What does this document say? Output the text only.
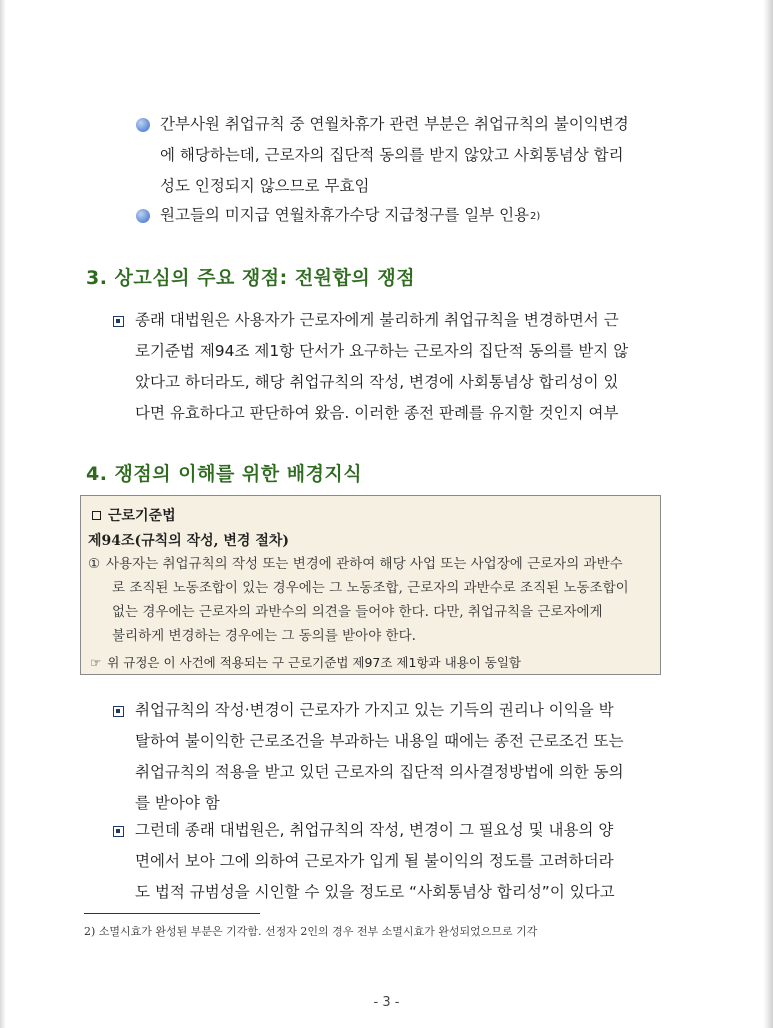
간부사원 취업규칙 중 연월차휴가 관련 부분은 취업규칙의 불이익변경
에 해당하는데, 근로자의 집단적 동의를 받지 않았고 사회통념상 합리
성도 인정되지 않으므로 무효임
원고들의 미지급 연월차휴가수당 지급청구를 일부 인용2)
3. 상고심의 주요 쟁점: 전원합의 쟁점
종래 대법원은 사용자가 근로자에게 불리하게 취업규칙을 변경하면서 근
로기준법 제94조 제1항 단서가 요구하는 근로자의 집단적 동의를 받지 않
았다고 하더라도, 해당 취업규칙의 작성, 변경에 사회통념상 합리성이 있
다면 유효하다고 판단하여 왔음. 이러한 종전 판례를 유지할 것인지 여부
4. 쟁점의 이해를 위한 배경지식
근로기준법
제94조(규칙의 작성, 변경 절차)
① 사용자는 취업규칙의 작성 또는 변경에 관하여 해당 사업 또는 사업장에 근로자의 과반수
로 조직된 노동조합이 있는 경우에는 그 노동조합, 근로자의 과반수로 조직된 노동조합이
없는 경우에는 근로자의 과반수의 의견을 들어야 한다. 다만, 취업규칙을 근로자에게
불리하게 변경하는 경우에는 그 동의를 받아야 한다.
☞ 위 규정은 이 사건에 적용되는 구 근로기준법 제97조 제1항과 내용이 동일함
취업규칙의 작성·변경이 근로자가 가지고 있는 기득의 권리나 이익을 박
탈하여 불이익한 근로조건을 부과하는 내용일 때에는 종전 근로조건 또는
취업규칙의 적용을 받고 있던 근로자의 집단적 의사결정방법에 의한 동의
를 받아야 함
그런데 종래 대법원은, 취업규칙의 작성, 변경이 그 필요성 및 내용의 양
면에서 보아 그에 의하여 근로자가 입게 될 불이익의 정도를 고려하더라
도 법적 규범성을 시인할 수 있을 정도로 “사회통념상 합리성”이 있다고
2) 소멸시효가 완성된 부분은 기각함. 선정자 2인의 경우 전부 소멸시효가 완성되었으므로 기각
- 3 -
